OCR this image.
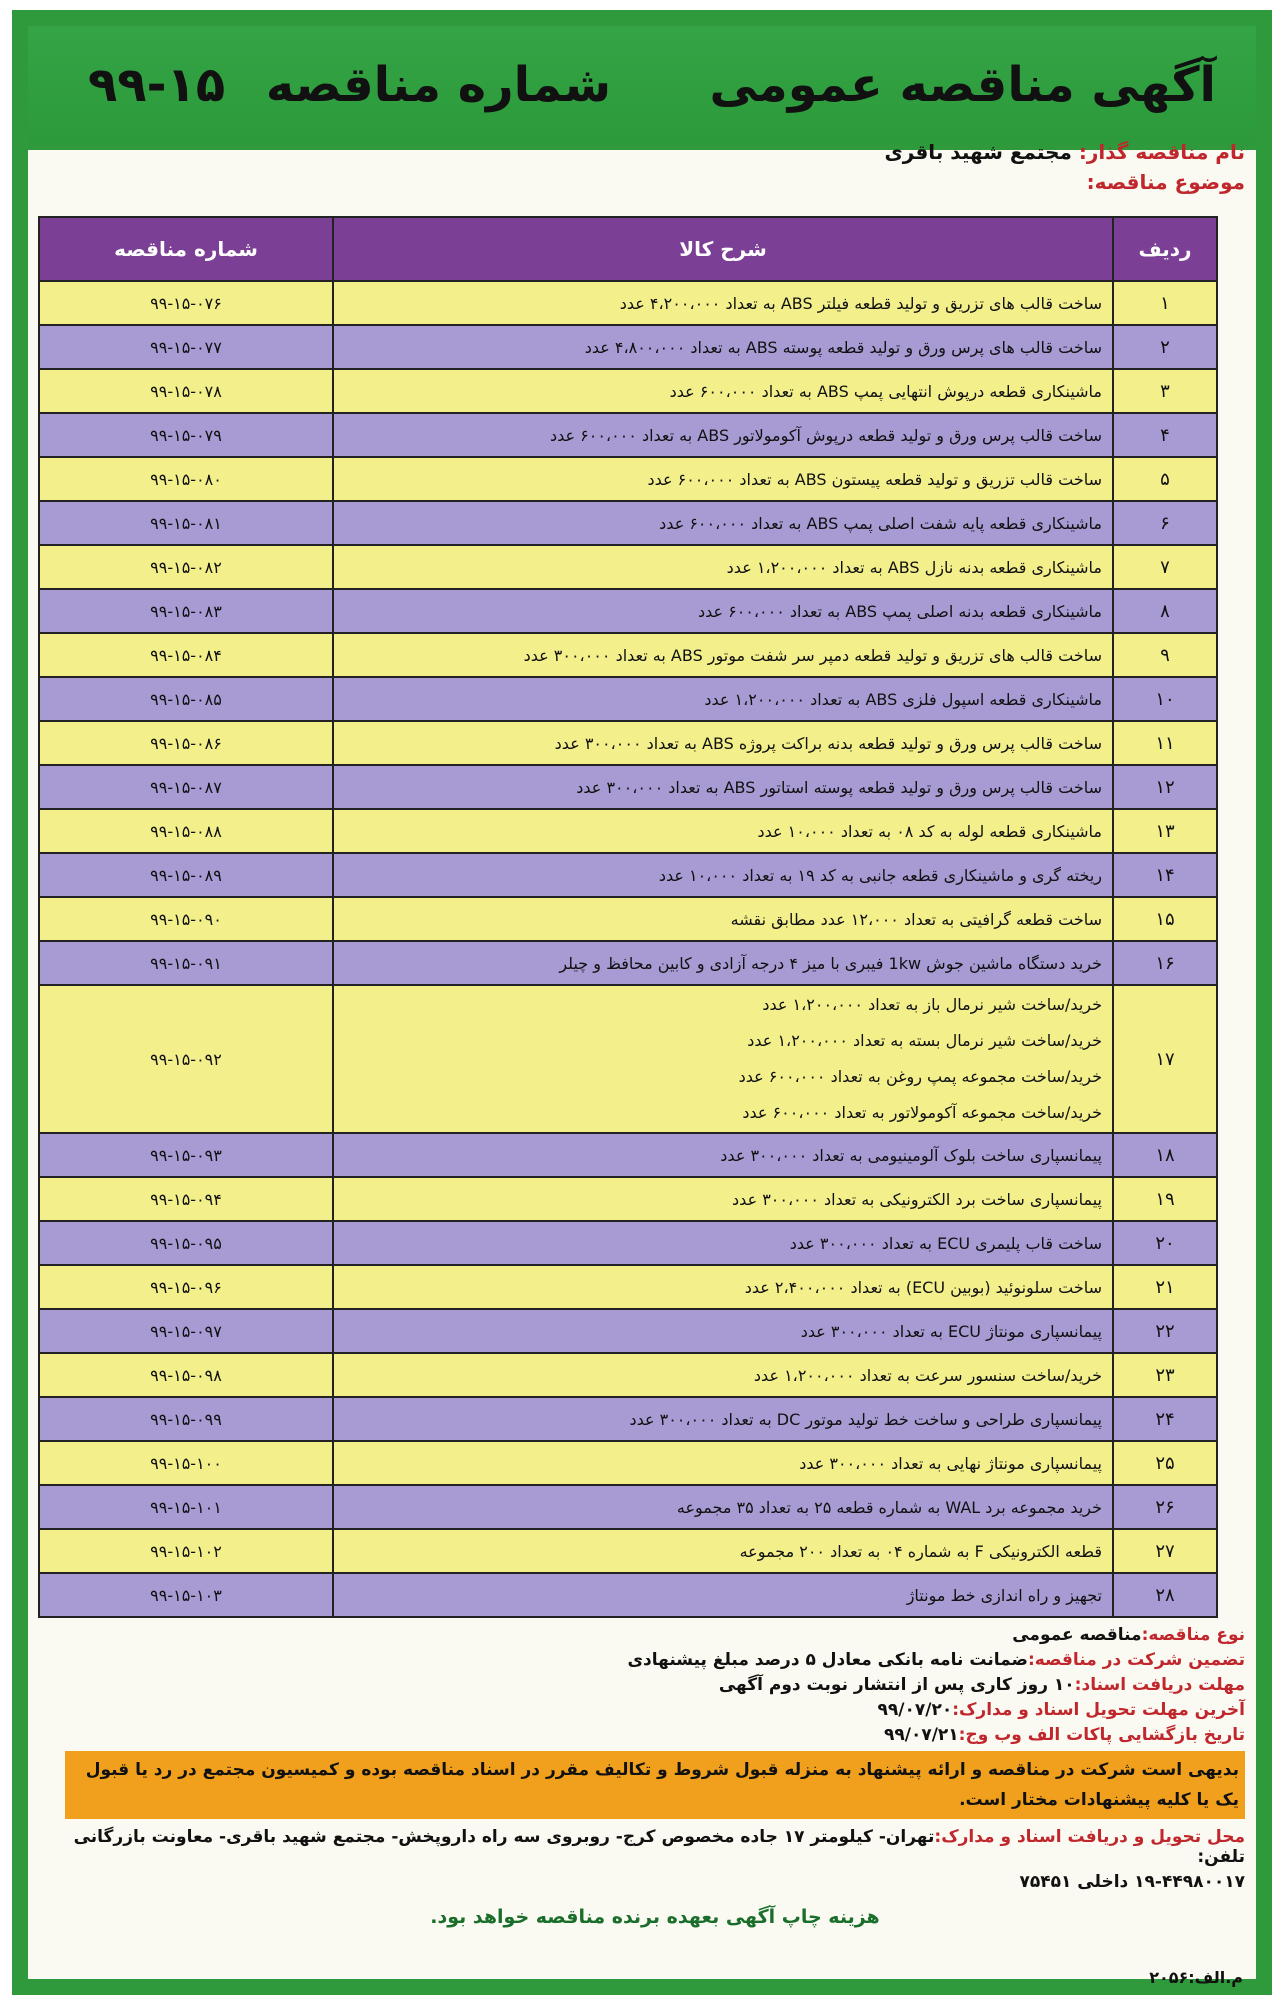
آگهی مناقصه عمومی
شماره مناقصه ۱۵-۹۹
نام مناقصه گذار: مجتمع شهید باقری
موضوع مناقصه:
ردیف	شرح کالا	شماره مناقصه
۱	ساخت قالب های تزریق و تولید قطعه فیلتر ABS به تعداد ۴،۲۰۰،۰۰۰ عدد	۹۹-۱۵-۰۷۶
۲	ساخت قالب های پرس ورق و تولید قطعه پوسته ABS به تعداد ۴،۸۰۰،۰۰۰ عدد	۹۹-۱۵-۰۷۷
۳	ماشینکاری قطعه درپوش انتهایی پمپ ABS به تعداد ۶۰۰،۰۰۰ عدد	۹۹-۱۵-۰۷۸
۴	ساخت قالب پرس ورق و تولید قطعه درپوش آکومولاتور ABS به تعداد ۶۰۰،۰۰۰ عدد	۹۹-۱۵-۰۷۹
۵	ساخت قالب تزریق و تولید قطعه پیستون ABS به تعداد ۶۰۰،۰۰۰ عدد	۹۹-۱۵-۰۸۰
۶	ماشینکاری قطعه پایه شفت اصلی پمپ ABS به تعداد ۶۰۰،۰۰۰ عدد	۹۹-۱۵-۰۸۱
۷	ماشینکاری قطعه بدنه نازل ABS به تعداد ۱،۲۰۰،۰۰۰ عدد	۹۹-۱۵-۰۸۲
۸	ماشینکاری قطعه بدنه اصلی پمپ ABS به تعداد ۶۰۰،۰۰۰ عدد	۹۹-۱۵-۰۸۳
۹	ساخت قالب های تزریق و تولید قطعه دمپر سر شفت موتور ABS به تعداد ۳۰۰،۰۰۰ عدد	۹۹-۱۵-۰۸۴
۱۰	ماشینکاری قطعه اسپول فلزی ABS به تعداد ۱،۲۰۰،۰۰۰ عدد	۹۹-۱۵-۰۸۵
۱۱	ساخت قالب پرس ورق و تولید قطعه بدنه براکت پروژه ABS به تعداد ۳۰۰،۰۰۰ عدد	۹۹-۱۵-۰۸۶
۱۲	ساخت قالب پرس ورق و تولید قطعه پوسته استاتور ABS به تعداد ۳۰۰،۰۰۰ عدد	۹۹-۱۵-۰۸۷
۱۳	ماشینکاری قطعه لوله به کد ۰۸ به تعداد ۱۰،۰۰۰ عدد	۹۹-۱۵-۰۸۸
۱۴	ریخته گری و ماشینکاری قطعه جانبی به کد ۱۹ به تعداد ۱۰،۰۰۰ عدد	۹۹-۱۵-۰۸۹
۱۵	ساخت قطعه گرافیتی به تعداد ۱۲،۰۰۰ عدد مطابق نقشه	۹۹-۱۵-۰۹۰
۱۶	خرید دستگاه ماشین جوش 1kw فیبری با میز ۴ درجه آزادی و کابین محافظ و چیلر	۹۹-۱۵-۰۹۱
۱۷	خرید/ساخت شیر نرمال باز به تعداد ۱،۲۰۰،۰۰۰ عدد
خرید/ساخت شیر نرمال بسته به تعداد ۱،۲۰۰،۰۰۰ عدد
خرید/ساخت مجموعه پمپ روغن به تعداد ۶۰۰،۰۰۰ عدد
خرید/ساخت مجموعه آکومولاتور به تعداد ۶۰۰،۰۰۰ عدد	۹۹-۱۵-۰۹۲
۱۸	پیمانسپاری ساخت بلوک آلومینیومی به تعداد ۳۰۰،۰۰۰ عدد	۹۹-۱۵-۰۹۳
۱۹	پیمانسپاری ساخت برد الکترونیکی به تعداد ۳۰۰،۰۰۰ عدد	۹۹-۱۵-۰۹۴
۲۰	ساخت قاب پلیمری ECU به تعداد ۳۰۰،۰۰۰ عدد	۹۹-۱۵-۰۹۵
۲۱	ساخت سلونوئید (بوبین ECU) به تعداد ۲،۴۰۰،۰۰۰ عدد	۹۹-۱۵-۰۹۶
۲۲	پیمانسپاری مونتاژ ECU به تعداد ۳۰۰،۰۰۰ عدد	۹۹-۱۵-۰۹۷
۲۳	خرید/ساخت سنسور سرعت به تعداد ۱،۲۰۰،۰۰۰ عدد	۹۹-۱۵-۰۹۸
۲۴	پیمانسپاری طراحی و ساخت خط تولید موتور DC به تعداد ۳۰۰،۰۰۰ عدد	۹۹-۱۵-۰۹۹
۲۵	پیمانسپاری مونتاژ نهایی به تعداد ۳۰۰،۰۰۰ عدد	۹۹-۱۵-۱۰۰
۲۶	خرید مجموعه برد WAL به شماره قطعه ۲۵ به تعداد ۳۵ مجموعه	۹۹-۱۵-۱۰۱
۲۷	قطعه الکترونیکی F به شماره ۰۴ به تعداد ۲۰۰ مجموعه	۹۹-۱۵-۱۰۲
۲۸	تجهیز و راه اندازی خط مونتاژ	۹۹-۱۵-۱۰۳
نوع مناقصه:مناقصه عمومی
تضمین شرکت در مناقصه:ضمانت نامه بانکی معادل ۵ درصد مبلغ پیشنهادی
مهلت دریافت اسناد:۱۰ روز کاری پس از انتشار نوبت دوم آگهی
آخرین مهلت تحویل اسناد و مدارک:۹۹/۰۷/۲۰
تاریخ بازگشایی پاکات الف وب وج:۹۹/۰۷/۲۱
بدیهی است شرکت در مناقصه و ارائه پیشنهاد به منزله قبول شروط و تکالیف مقرر در اسناد مناقصه بوده و کمیسیون مجتمع در رد یا قبول یک یا کلیه پیشنهادات مختار است.
محل تحویل و دریافت اسناد و مدارک:تهران- کیلومتر ۱۷ جاده مخصوص کرج- روبروی سه راه داروپخش- مجتمع شهید باقری- معاونت بازرگانی تلفن:
۱۹-۴۴۹۸۰۰۱۷ داخلی ۷۵۴۵۱
هزینه چاپ آگهی بعهده برنده مناقصه خواهد بود.
م.الف:۲۰۵۶
